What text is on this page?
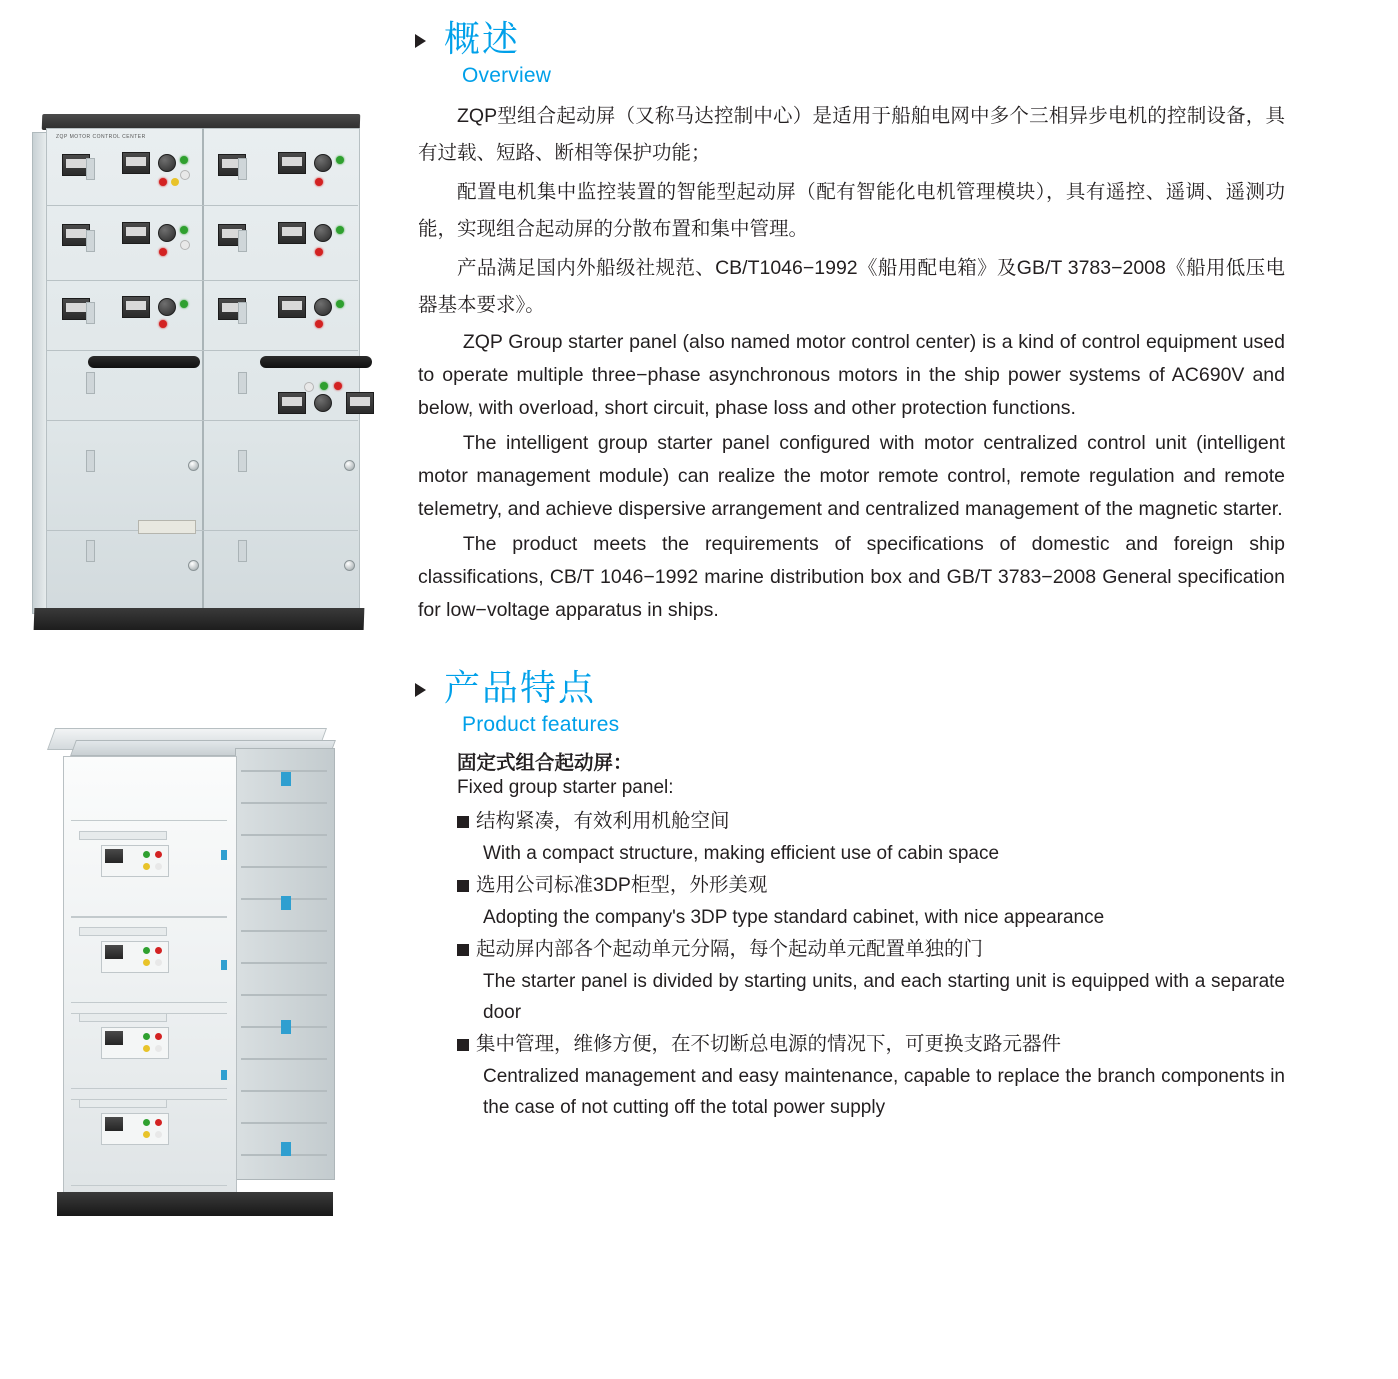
ZQP MOTOR CONTROL CENTER
概述
Overview

ZQP型组合起动屏（又称马达控制中心）是适用于船舶电网中多个三相异步电机的控制设备，具有过载、短路、断相等保护功能；

配置电机集中监控装置的智能型起动屏（配有智能化电机管理模块），具有遥控、遥调、遥测功能，实现组合起动屏的分散布置和集中管理。

产品满足国内外船级社规范、CB/T1046−1992《船用配电箱》及GB/T 3783−2008《船用低压电器基本要求》。

ZQP Group starter panel (also named motor control center) is a kind of control equipment used to operate multiple three−phase asynchronous motors in the ship power systems of AC690V and below, with overload, short circuit, phase loss and other protection functions.

The intelligent group starter panel configured with motor centralized control unit (intelligent motor management module) can realize the motor remote control, remote regulation and remote telemetry, and achieve dispersive arrangement and centralized management of the magnetic starter.

The product meets the requirements of specifications of domestic and foreign ship classifications, CB/T 1046−1992 marine distribution box and GB/T 3783−2008 General specification for low−voltage apparatus in ships.

产品特点
Product features
固定式组合起动屏：
Fixed group starter panel:
结构紧凑，有效利用机舱空间
With a compact structure, making efficient use of cabin space
选用公司标准3DP柜型，外形美观
Adopting the company's 3DP type standard cabinet, with nice appearance
起动屏内部各个起动单元分隔，每个起动单元配置单独的门
The starter panel is divided by starting units, and each starting unit is equipped with a separate door
集中管理，维修方便，在不切断总电源的情况下，可更换支路元器件
Centralized management and easy maintenance, capable to replace the branch components in the case of not cutting off the total power supply
